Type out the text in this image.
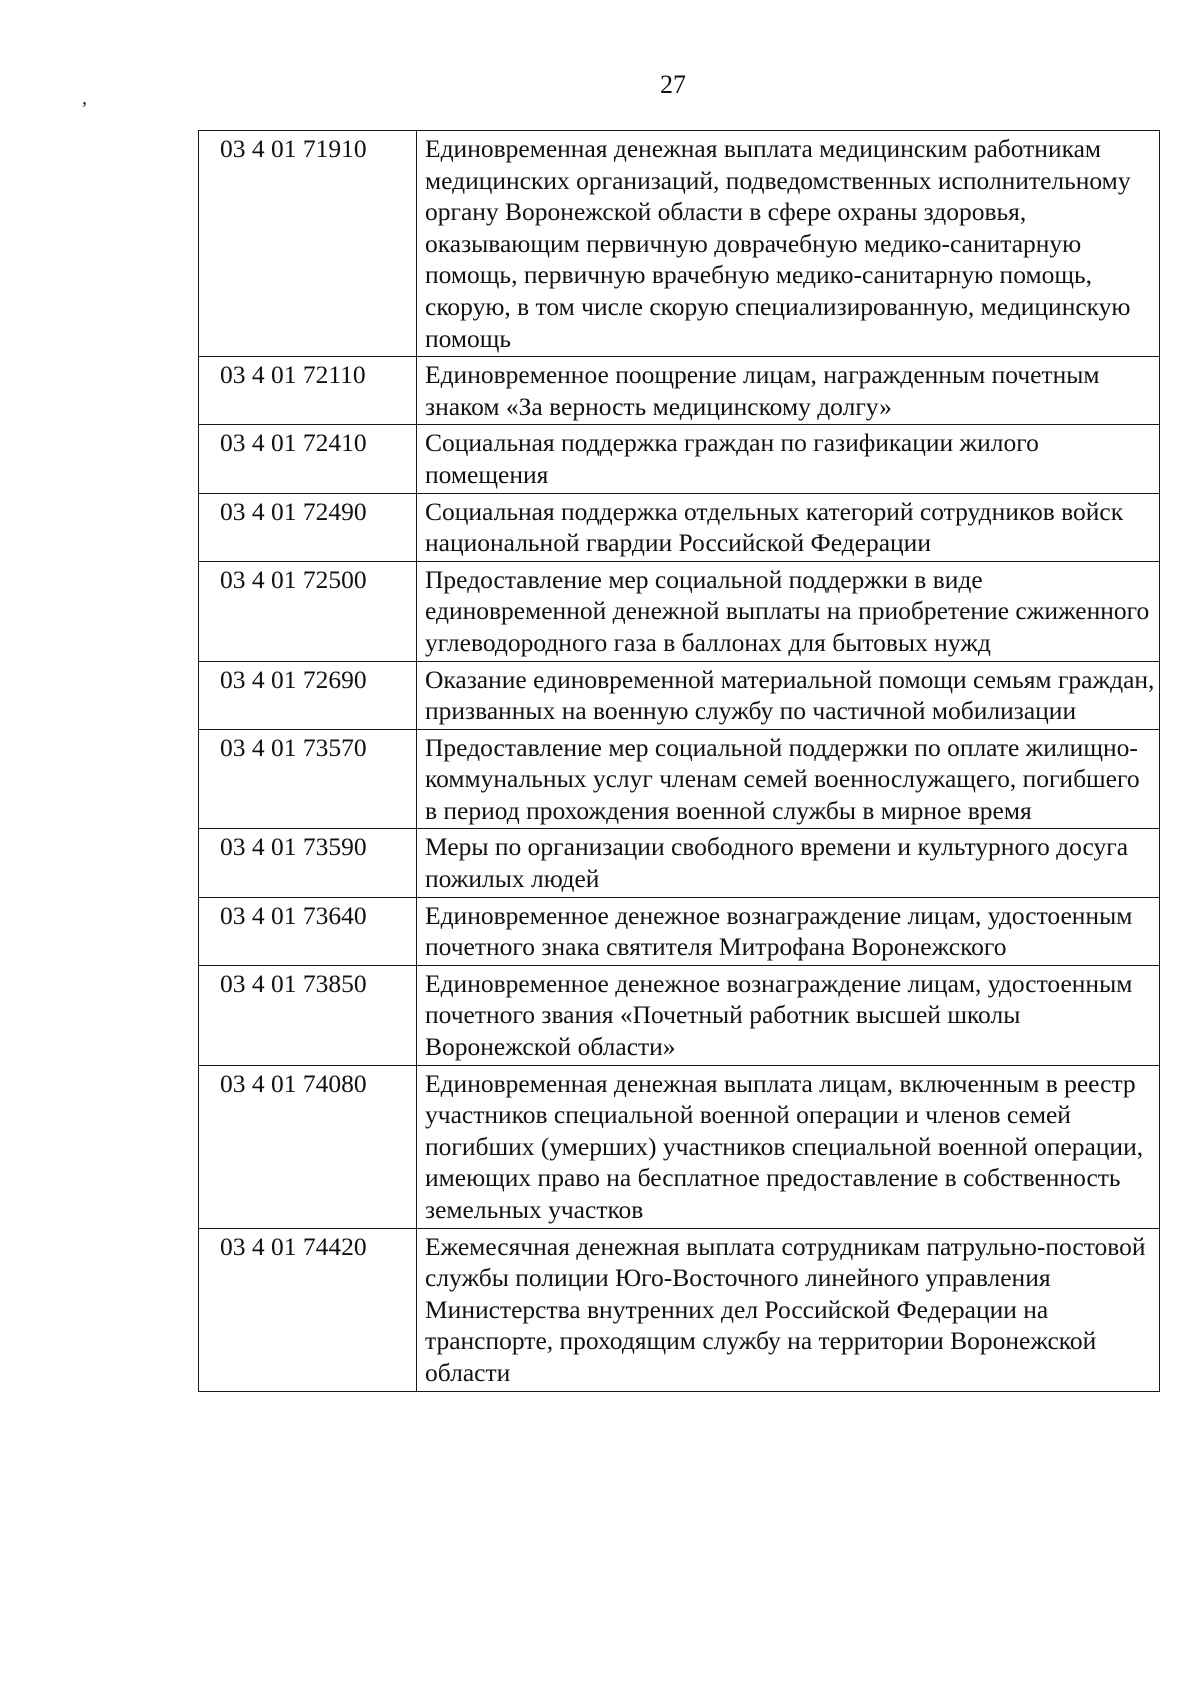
27
,
03 4 01 71910	Единовременная денежная выплата медицинским работникам медицинских организаций, подведомственных исполнительному органу Воронежской области в сфере охраны здоровья, оказывающим первичную доврачебную медико-санитарную помощь, первичную врачебную медико-санитарную помощь, скорую, в том числе скорую специализированную, медицинскую помощь
03 4 01 72110	Единовременное поощрение лицам, награжденным почетным знаком «За верность медицинскому долгу»
03 4 01 72410	Социальная поддержка граждан по газификации жилого помещения
03 4 01 72490	Социальная поддержка отдельных категорий сотрудников войск национальной гвардии Российской Федерации
03 4 01 72500	Предоставление мер социальной поддержки в виде единовременной денежной выплаты на приобретение сжиженного углеводородного газа в баллонах для бытовых нужд
03 4 01 72690	Оказание единовременной материальной помощи семьям граждан, призванных на военную службу по частичной мобилизации
03 4 01 73570	Предоставление мер социальной поддержки по оплате жилищно-коммунальных услуг членам семей военнослужащего, погибшего в период прохождения военной службы в мирное время
03 4 01 73590	Меры по организации свободного времени и культурного досуга пожилых людей
03 4 01 73640	Единовременное денежное вознаграждение лицам, удостоенным почетного знака святителя Митрофана Воронежского
03 4 01 73850	Единовременное денежное вознаграждение лицам, удостоенным почетного звания «Почетный работник высшей школы Воронежской области»
03 4 01 74080	Единовременная денежная выплата лицам, включенным в реестр участников специальной военной операции и членов семей погибших (умерших) участников специальной военной операции, имеющих право на бесплатное предоставление в собственность земельных участков
03 4 01 74420	Ежемесячная денежная выплата сотрудникам патрульно-постовой службы полиции Юго-Восточного линейного управления Министерства внутренних дел Российской Федерации на транспорте, проходящим службу на территории Воронежской области
